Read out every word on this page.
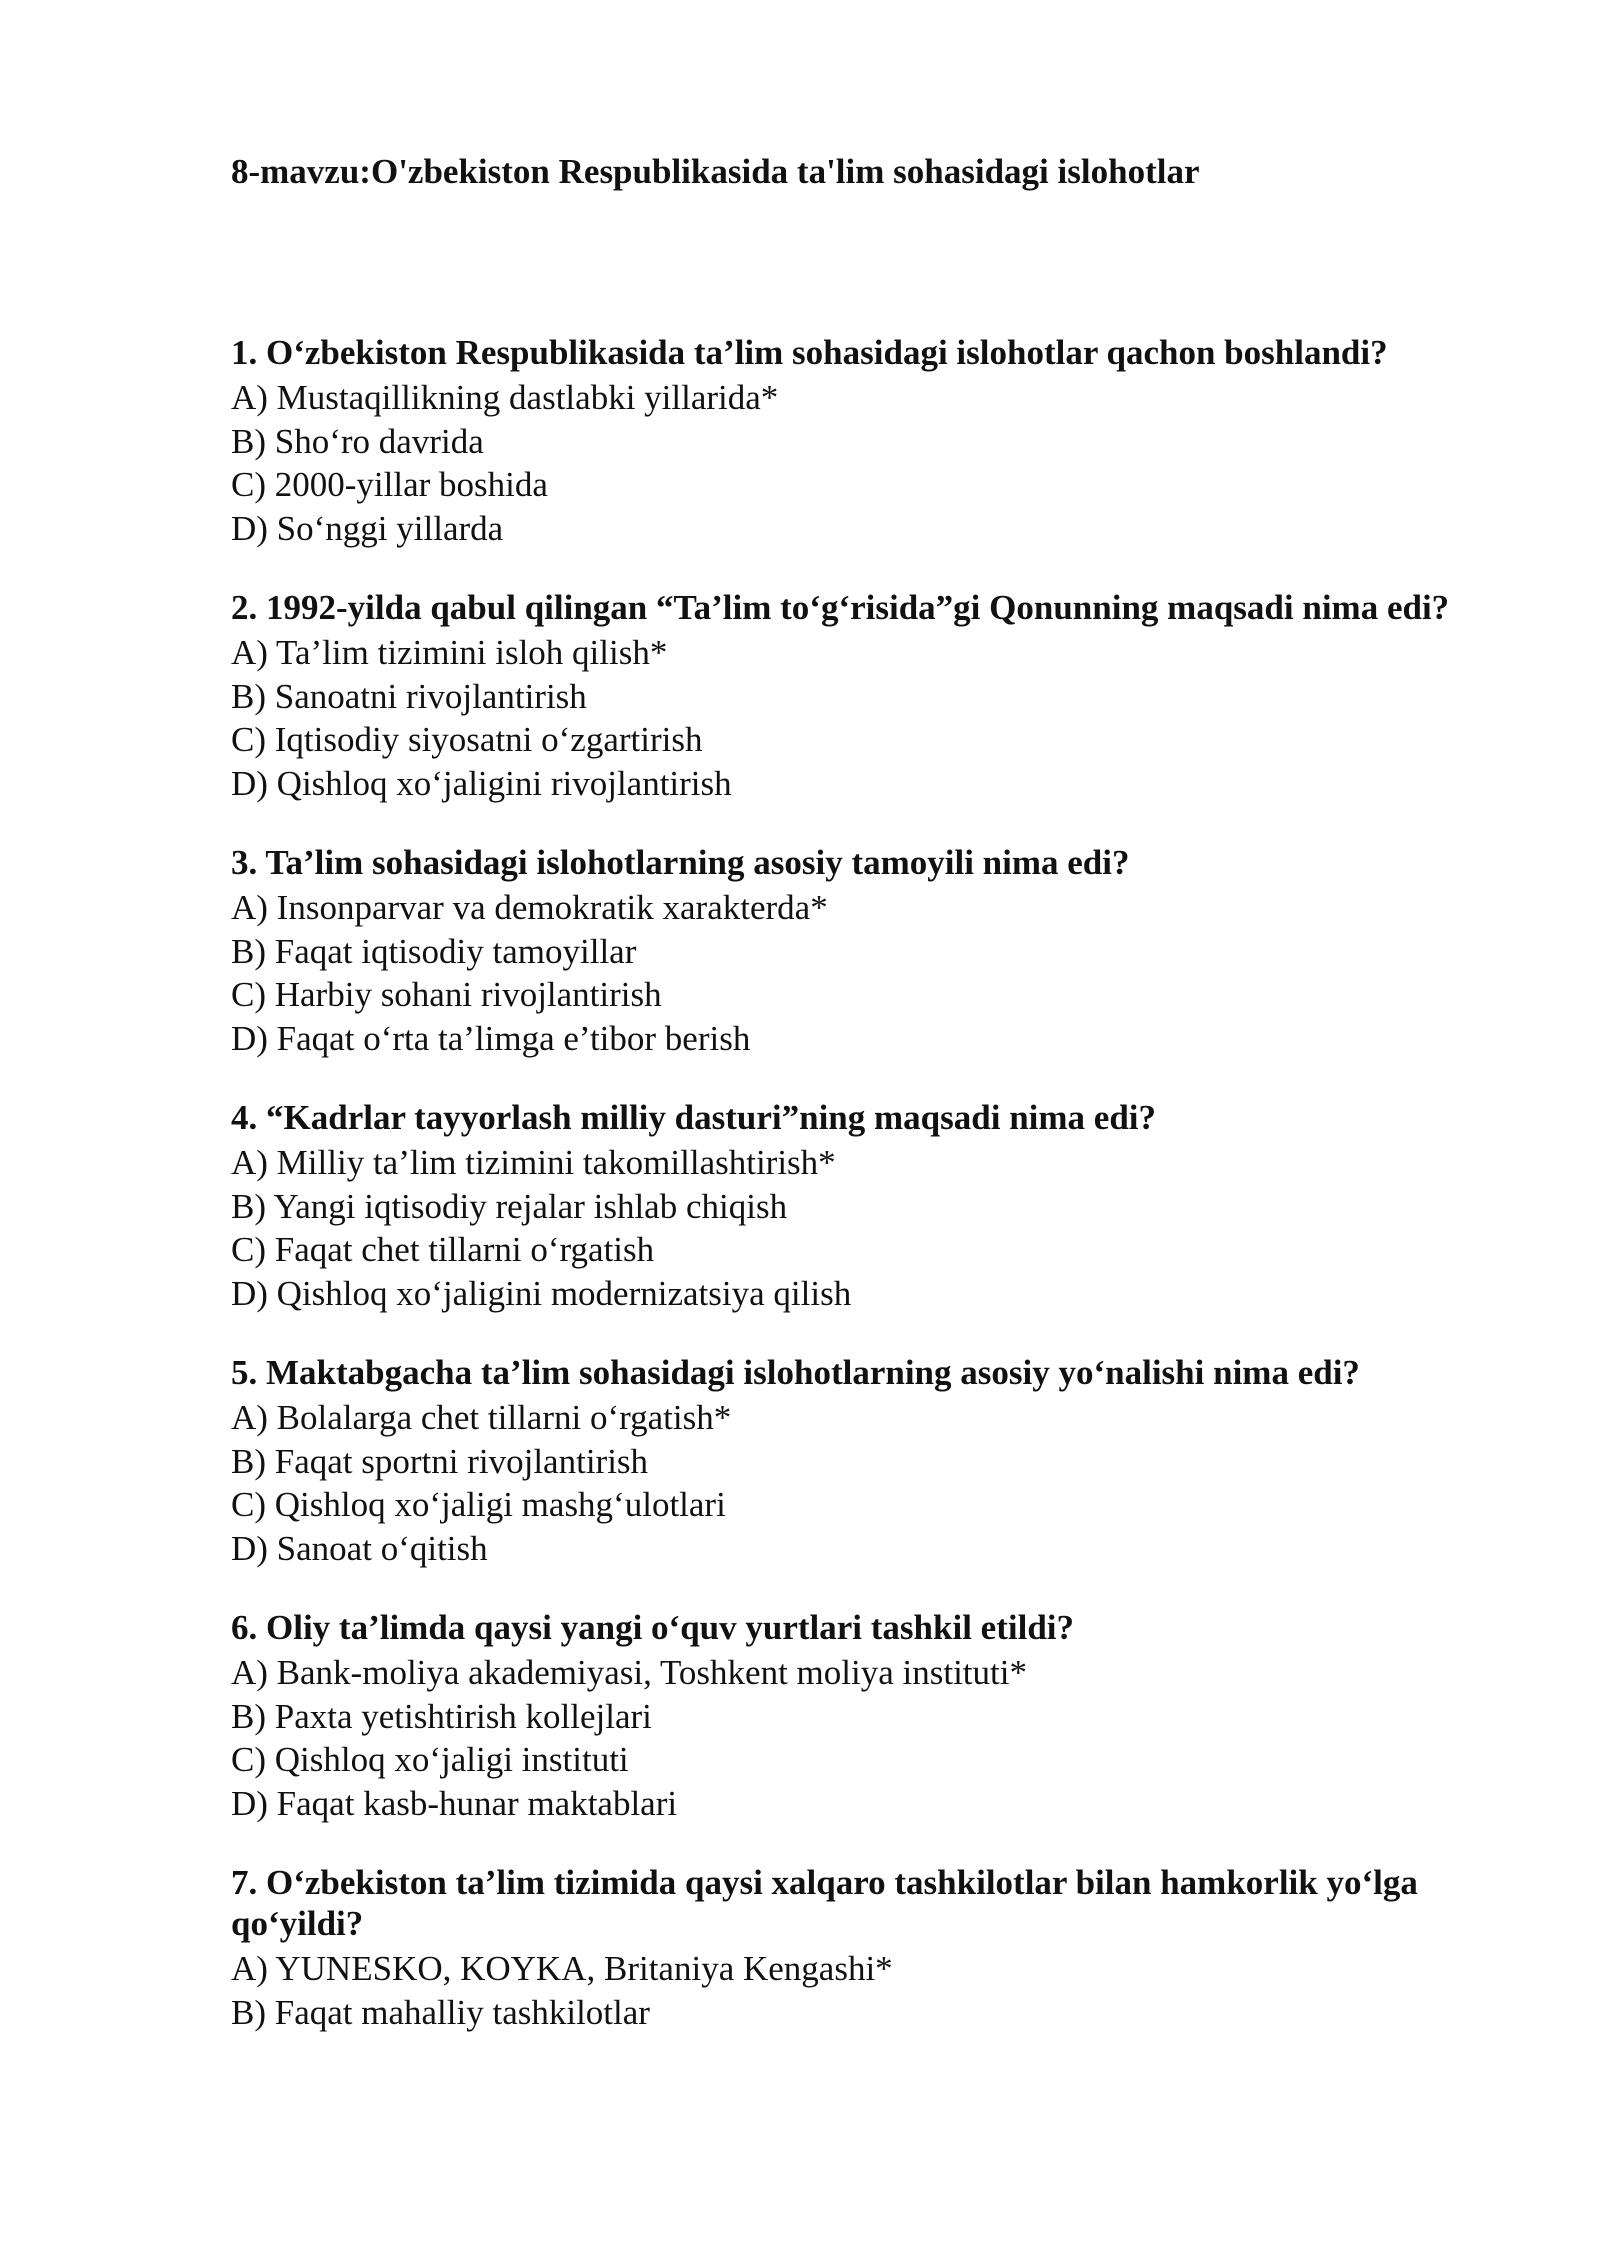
8-mavzu:O'zbekiston Respublikasida ta'lim sohasidagi islohotlar

1. O‘zbekiston Respublikasida ta’lim sohasidagi islohotlar qachon boshlandi?

A) Mustaqillikning dastlabki yillarida*
B) Sho‘ro davrida
C) 2000-yillar boshida
D) So‘nggi yillarda

2. 1992-yilda qabul qilingan “Ta’lim to‘g‘risida”gi Qonunning maqsadi nima edi?

A) Ta’lim tizimini isloh qilish*
B) Sanoatni rivojlantirish
C) Iqtisodiy siyosatni o‘zgartirish
D) Qishloq xo‘jaligini rivojlantirish

3. Ta’lim sohasidagi islohotlarning asosiy tamoyili nima edi?

A) Insonparvar va demokratik xarakterda*
B) Faqat iqtisodiy tamoyillar
C) Harbiy sohani rivojlantirish
D) Faqat o‘rta ta’limga e’tibor berish

4. “Kadrlar tayyorlash milliy dasturi”ning maqsadi nima edi?

A) Milliy ta’lim tizimini takomillashtirish*
B) Yangi iqtisodiy rejalar ishlab chiqish
C) Faqat chet tillarni o‘rgatish
D) Qishloq xo‘jaligini modernizatsiya qilish

5. Maktabgacha ta’lim sohasidagi islohotlarning asosiy yo‘nalishi nima edi?

A) Bolalarga chet tillarni o‘rgatish*
B) Faqat sportni rivojlantirish
C) Qishloq xo‘jaligi mashg‘ulotlari
D) Sanoat o‘qitish

6. Oliy ta’limda qaysi yangi o‘quv yurtlari tashkil etildi?

A) Bank-moliya akademiyasi, Toshkent moliya instituti*
B) Paxta yetishtirish kollejlari
C) Qishloq xo‘jaligi instituti
D) Faqat kasb-hunar maktablari

7. O‘zbekiston ta’lim tizimida qaysi xalqaro tashkilotlar bilan hamkorlik yo‘lga qo‘yildi?

A) YUNESKO, KOYKA, Britaniya Kengashi*
B) Faqat mahalliy tashkilotlar
